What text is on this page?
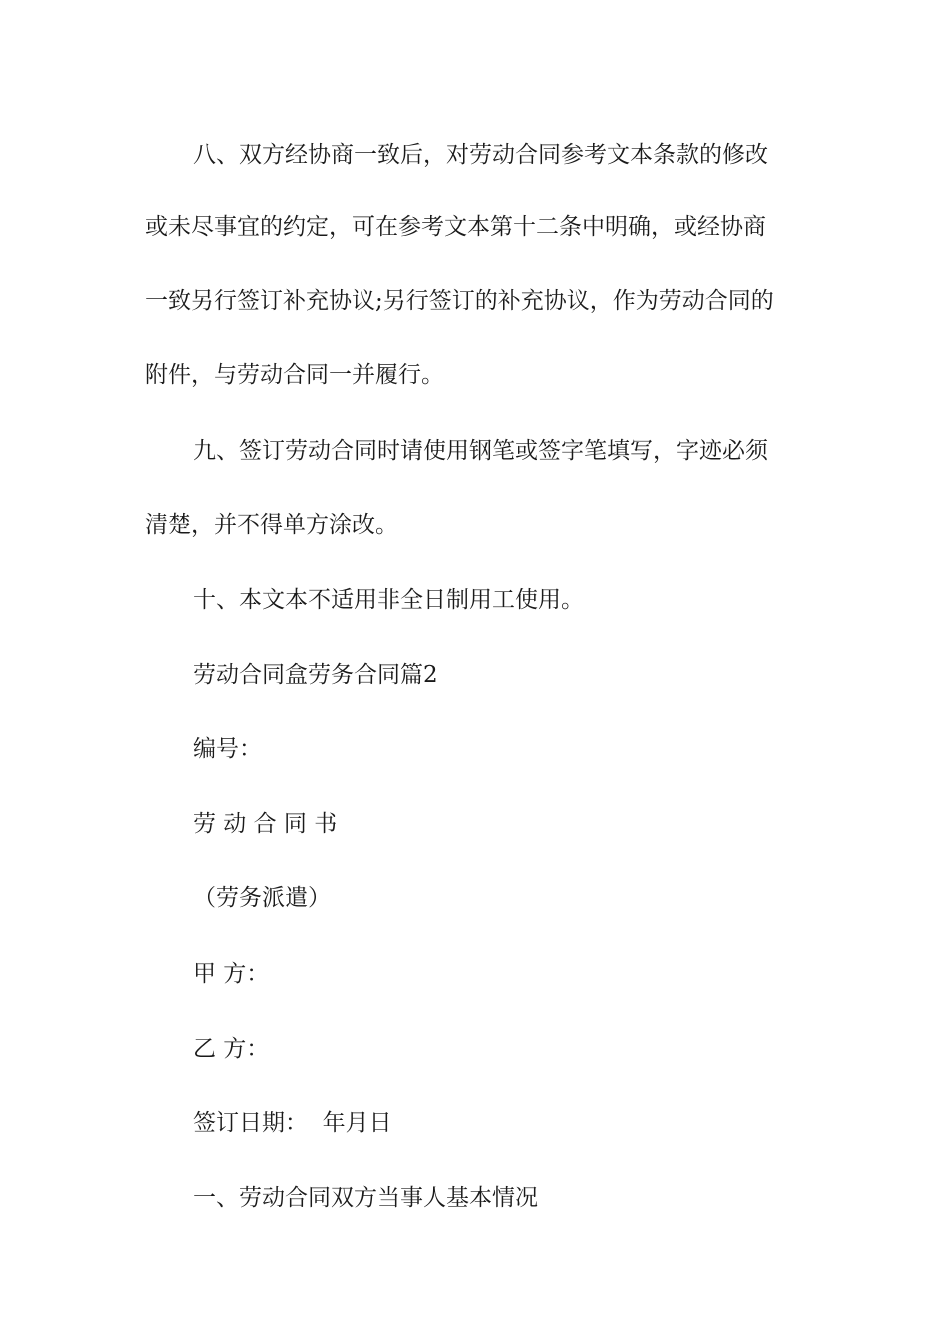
八、双方经协商一致后，对劳动合同参考文本条款的修改
或未尽事宜的约定，可在参考文本第十二条中明确，或经协商
一致另行签订补充协议;另行签订的补充协议，作为劳动合同的
附件，与劳动合同一并履行。
九、签订劳动合同时请使用钢笔或签字笔填写，字迹必须
清楚，并不得单方涂改。
十、本文本不适用非全日制用工使用。
劳动合同盒劳务合同篇2
编号：
劳 动 合 同 书
（劳务派遣）
甲 方：
乙 方：
签订日期：  年月日
一、劳动合同双方当事人基本情况
